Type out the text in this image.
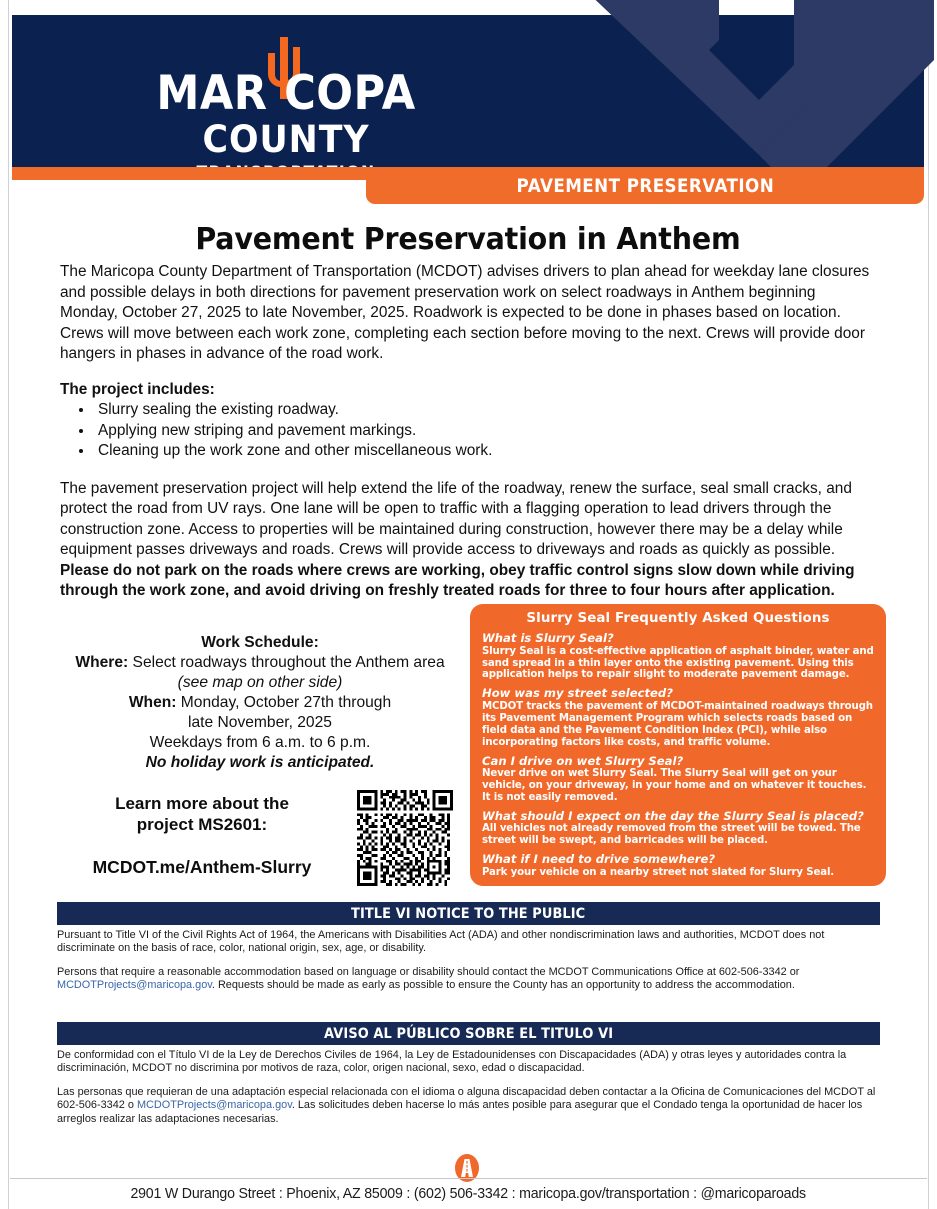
MAR COPA
COUNTY
PAVEMENT PRESERVATION
Pavement Preservation in Anthem

The Maricopa County Department of Transportation (MCDOT) advises drivers to plan ahead for weekday lane closures and possible delays in both directions for pavement preservation work on select roadways in Anthem beginning Monday, October 27, 2025 to late November, 2025. Roadwork is expected to be done in phases based on location. Crews will move between each work zone, completing each section before moving to the next. Crews will provide door hangers in phases in advance of the road work.

The project includes:

• Slurry sealing the existing roadway.
• Applying new striping and pavement markings.
• Cleaning up the work zone and other miscellaneous work.

The pavement preservation project will help extend the life of the roadway, renew the surface, seal small cracks, and protect the road from UV rays. One lane will be open to traffic with a flagging operation to lead drivers through the construction zone. Access to properties will be maintained during construction, however there may be a delay while equipment passes driveways and roads. Crews will provide access to driveways and roads as quickly as possible. Please do not park on the roads where crews are working, obey traffic control signs slow down while driving through the work zone, and avoid driving on freshly treated roads for three to four hours after application.

Work Schedule:
Where: Select roadways throughout the Anthem area
(see map on other side)
When: Monday, October 27th through
late November, 2025
Weekdays from 6 a.m. to 6 p.m.
No holiday work is anticipated.
Learn more about the
project MS2601:
MCDOT.me/Anthem-Slurry
Slurry Seal Frequently Asked Questions
What is Slurry Seal?
Slurry Seal is a cost-effective application of asphalt binder, water and sand spread in a thin layer onto the existing pavement. Using this application helps to repair slight to moderate pavement damage.
How was my street selected?
MCDOT tracks the pavement of MCDOT-maintained roadways through its Pavement Management Program which selects roads based on field data and the Pavement Condition Index (PCI), while also incorporating factors like costs, and traffic volume.
Can I drive on wet Slurry Seal?
Never drive on wet Slurry Seal. The Slurry Seal will get on your vehicle, on your driveway, in your home and on whatever it touches. It is not easily removed.
What should I expect on the day the Slurry Seal is placed?
All vehicles not already removed from the street will be towed. The street will be swept, and barricades will be placed.
What if I need to drive somewhere?
Park your vehicle on a nearby street not slated for Slurry Seal.
TITLE VI NOTICE TO THE PUBLIC
Pursuant to Title VI of the Civil Rights Act of 1964, the Americans with Disabilities Act (ADA) and other nondiscrimination laws and authorities, MCDOT does not discriminate on the basis of race, color, national origin, sex, age, or disability.
Persons that require a reasonable accommodation based on language or disability should contact the MCDOT Communications Office at 602-506-3342 or MCDOTProjects@maricopa.gov. Requests should be made as early as possible to ensure the County has an opportunity to address the accommodation.
AVISO AL PÚBLICO SOBRE EL TITULO VI
De conformidad con el Título VI de la Ley de Derechos Civiles de 1964, la Ley de Estadounidenses con Discapacidades (ADA) y otras leyes y autoridades contra la discriminación, MCDOT no discrimina por motivos de raza, color, origen nacional, sexo, edad o discapacidad.
Las personas que requieran de una adaptación especial relacionada con el idioma o alguna discapacidad deben contactar a la Oficina de Comunicaciones del MCDOT al 602-506-3342 o MCDOTProjects@maricopa.gov. Las solicitudes deben hacerse lo más antes posible para asegurar que el Condado tenga la oportunidad de hacer los arreglos realizar las adaptaciones necesarias.
2901 W Durango Street : Phoenix, AZ 85009 : (602) 506-3342 : maricopa.gov/transportation : @maricoparoads
